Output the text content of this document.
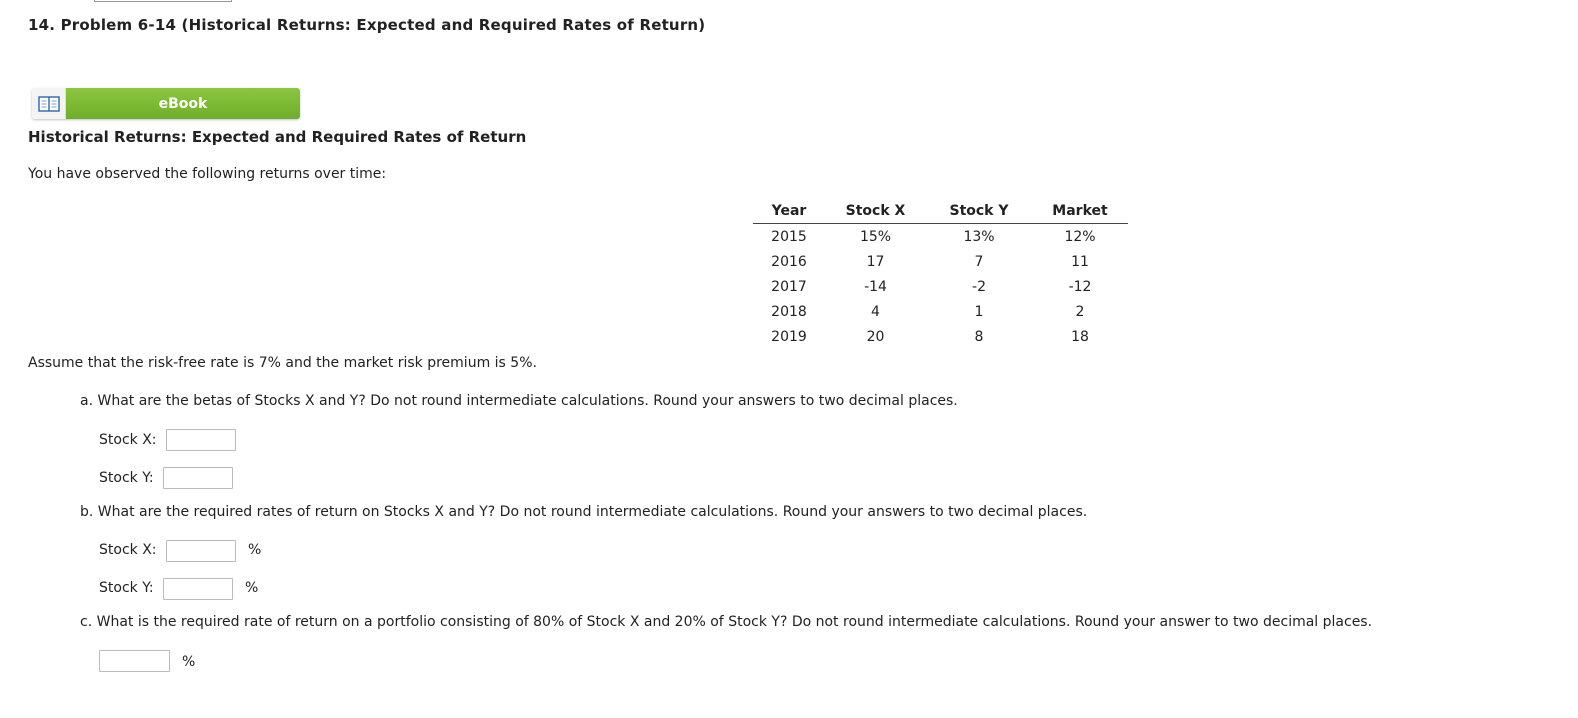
14. Problem 6-14 (Historical Returns: Expected and Required Rates of Return)
eBook
Historical Returns: Expected and Required Rates of Return
You have observed the following returns over time:
Year	Stock X	Stock Y	Market
2015	15%	13%	12%
2016	17	7	11
2017	-14	-2	-12
2018	4	1	2
2019	20	8	18
Assume that the risk-free rate is 7% and the market risk premium is 5%.
a. What are the betas of Stocks X and Y? Do not round intermediate calculations. Round your answers to two decimal places.
Stock X:
Stock Y:
b. What are the required rates of return on Stocks X and Y? Do not round intermediate calculations. Round your answers to two decimal places.
Stock X:	%
Stock Y:	%
c. What is the required rate of return on a portfolio consisting of 80% of Stock X and 20% of Stock Y? Do not round intermediate calculations. Round your answer to two decimal places.
%
